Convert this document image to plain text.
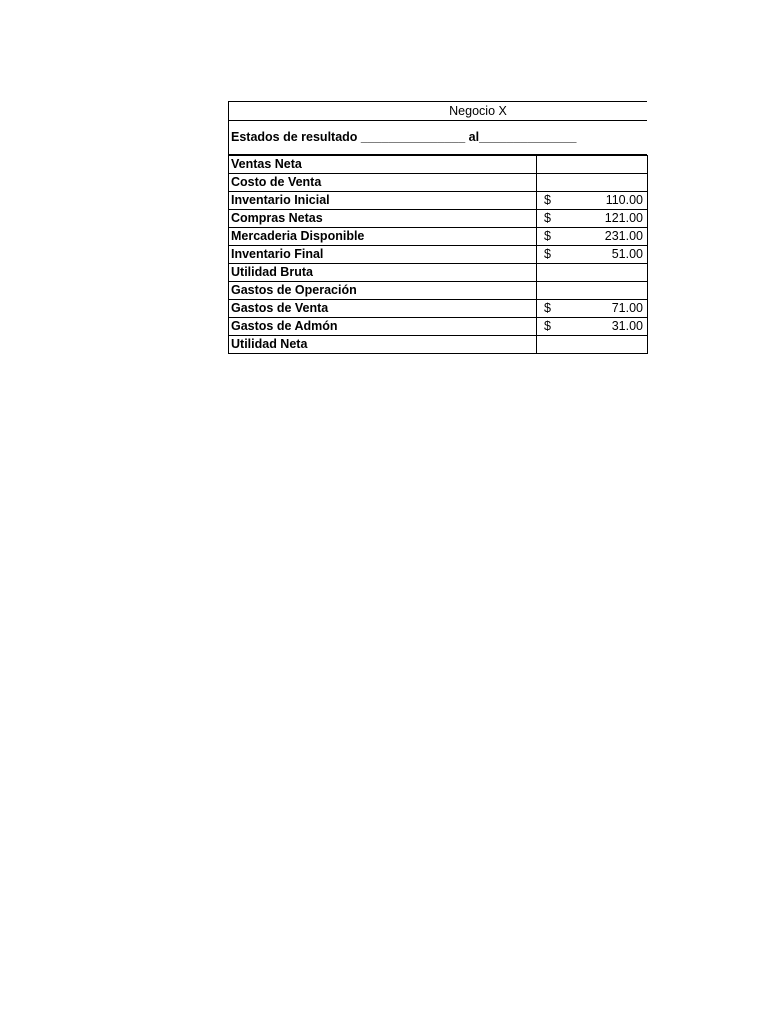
Negocio X
Estados de resultado _______________ al______________
Ventas Neta	

Costo de Venta	

Inventario Inicial	$ 110.00

Compras Netas	$ 121.00

Mercaderia Disponible	$ 231.00

Inventario Final	$ 51.00

Utilidad Bruta	

Gastos de Operación	

Gastos de Venta	$ 71.00

Gastos de Admón	$ 31.00

Utilidad Neta	
